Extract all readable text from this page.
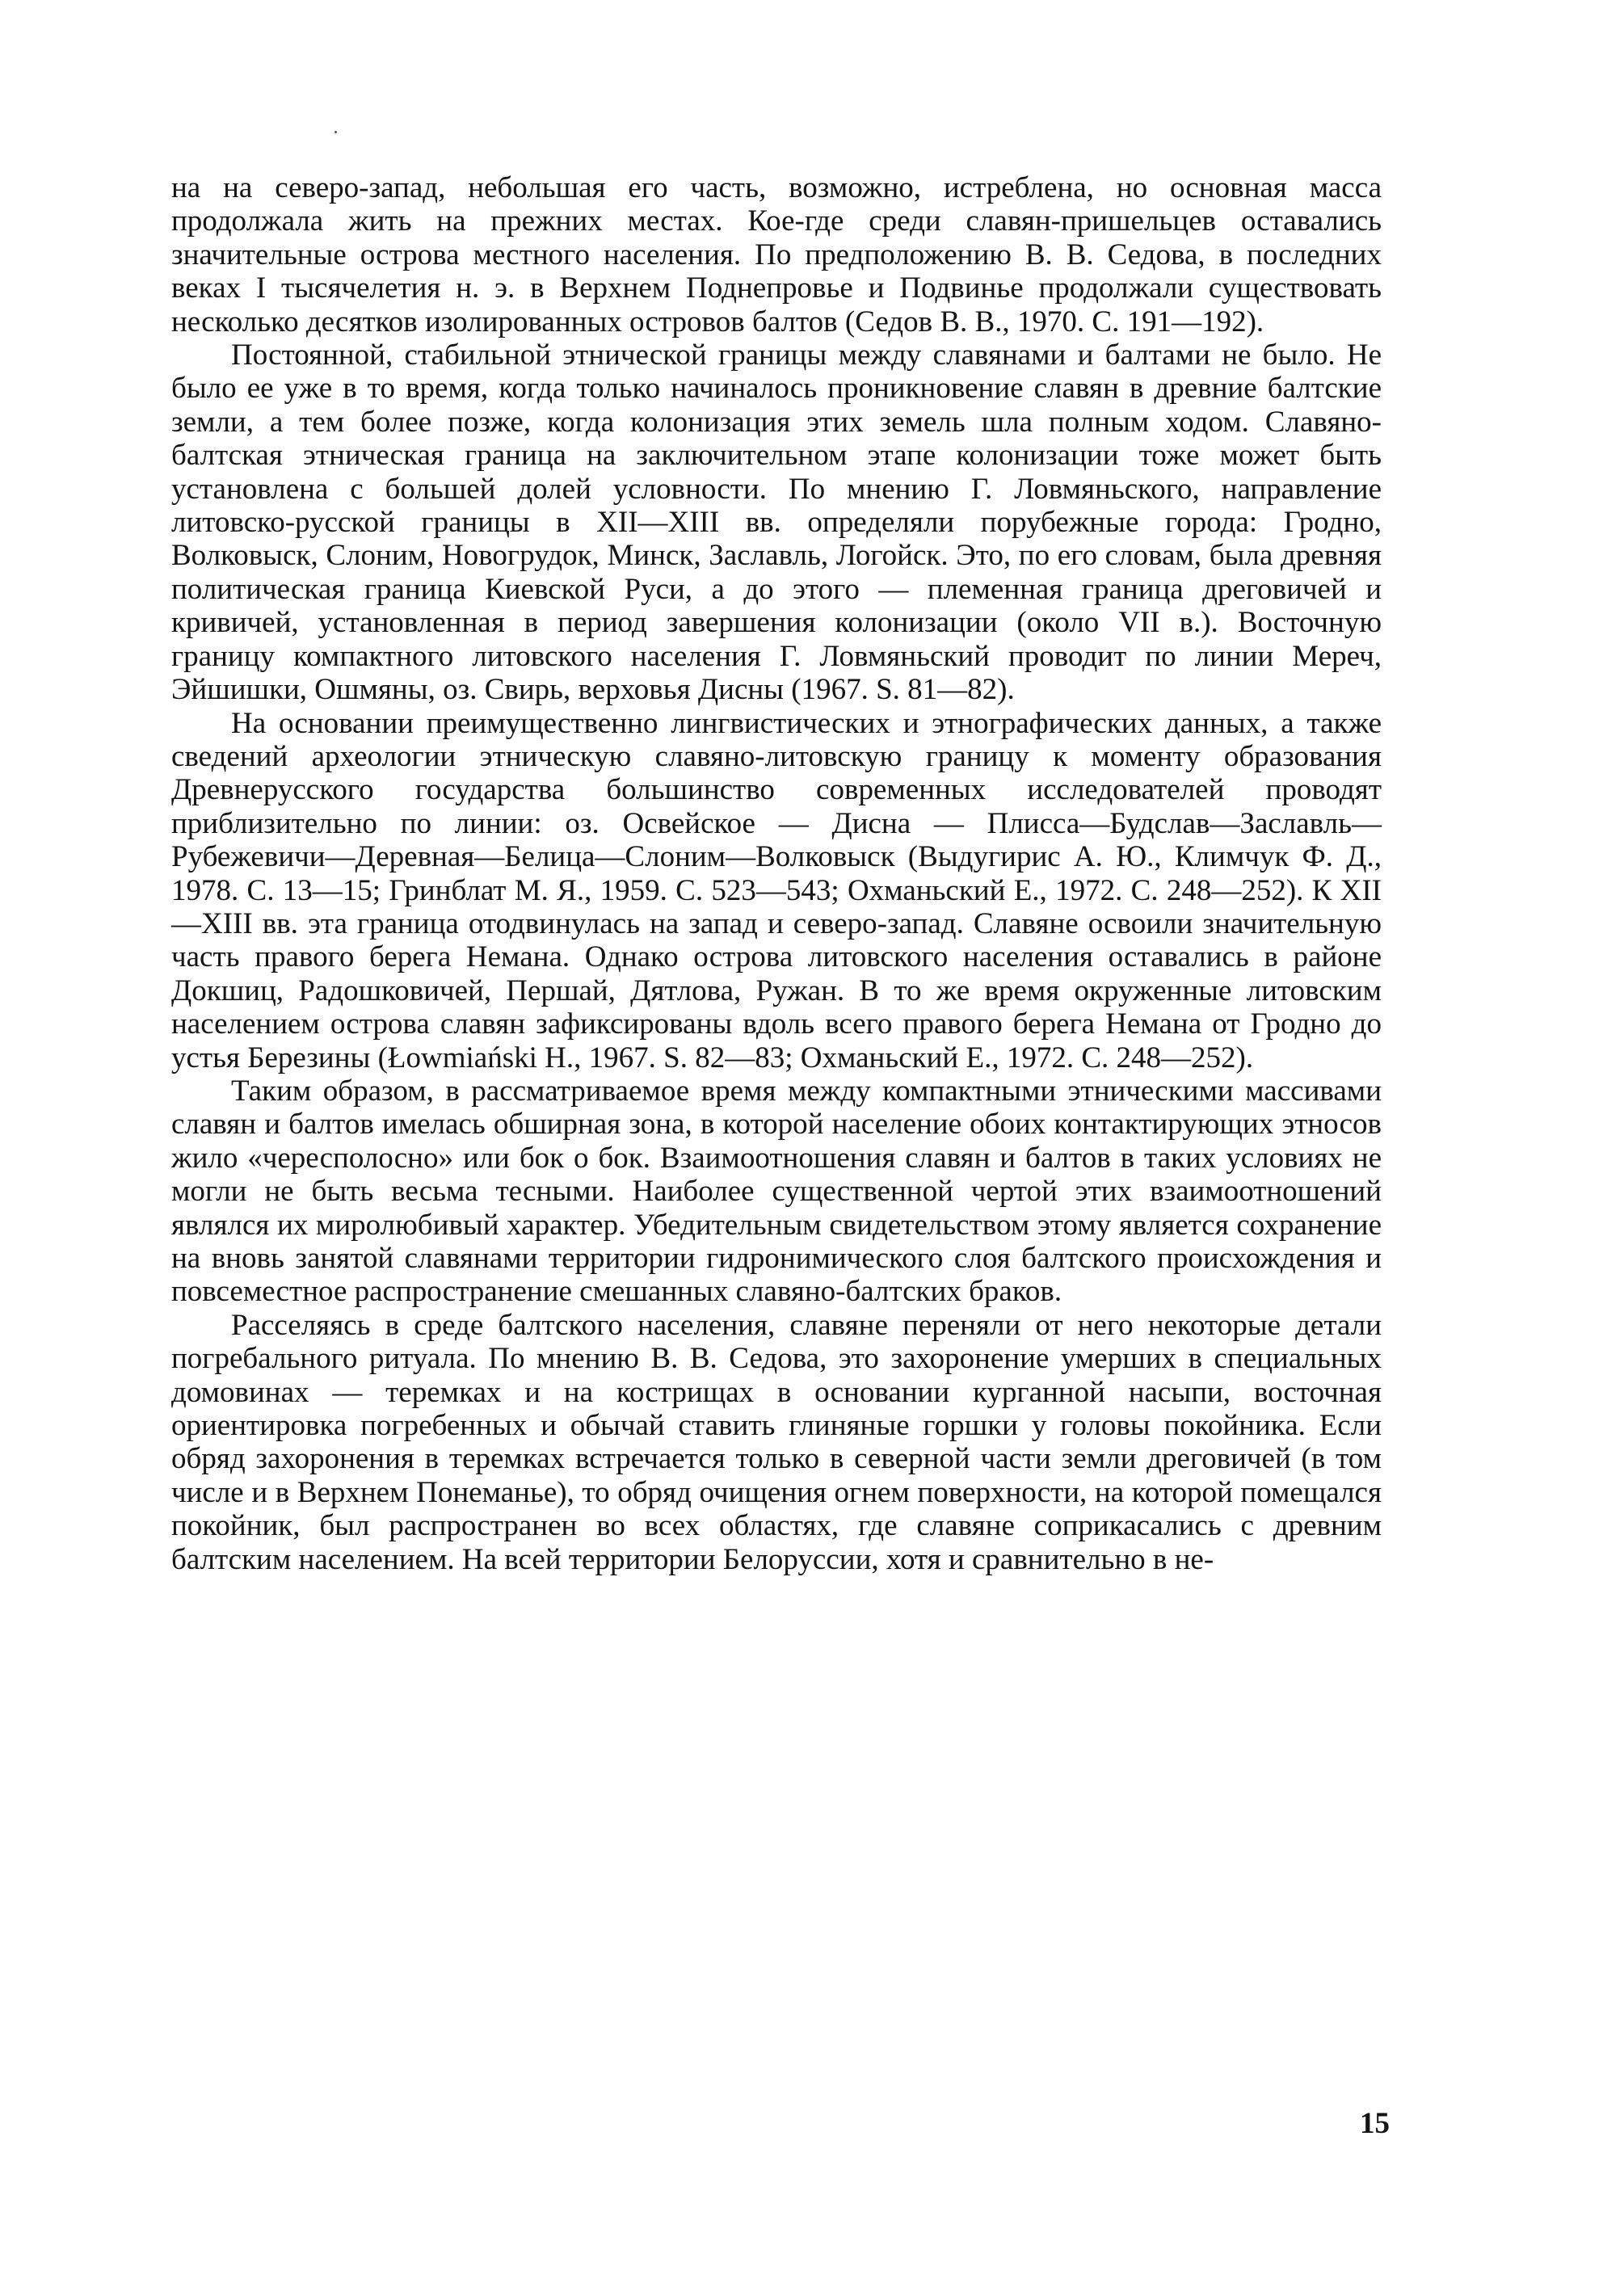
на на северо-запад, небольшая его часть, возможно, истреблена, но основная масса продолжала жить на прежних местах. Кое-где среди славян-пришельцев оставались значительные острова местного населения. По предположению В. В. Седова, в последних веках I тысячелетия н. э. в Верхнем Поднепровье и Подвинье продолжали существовать несколько десятков изолированных островов балтов (Седов В. В., 1970. С. 191—192).

Постоянной, стабильной этнической границы между славянами и балтами не было. Не было ее уже в то время, когда только начиналось проникновение славян в древние балтские земли, а тем более позже, когда колонизация этих земель шла полным ходом. Славяно-балтская этническая граница на заключительном этапе колонизации тоже может быть установлена с большей долей условности. По мнению Г. Ловмяньского, направление литовско-русской границы в XII—XIII вв. определяли порубежные города: Гродно, Волковыск, Слоним, Новогрудок, Минск, Заславль, Логойск. Это, по его словам, была древняя политическая граница Киевской Руси, а до этого — племенная граница дреговичей и кривичей, установленная в период завершения колонизации (около VII в.). Восточную границу компактного литовского населения Г. Ловмяньский проводит по линии Мереч, Эйшишки, Ошмяны, оз. Свирь, верховья Дисны (1967. S. 81—82).

На основании преимущественно лингвистических и этнографических данных, а также сведений археологии этническую славяно-литовскую границу к моменту образования Древнерусского государства большинство современных исследователей проводят приблизительно по линии: оз. Освейское — Дисна — Плисса—Будслав—Заславль—Рубежевичи—Деревная—Белица—Слоним—Волковыск (Выдугирис А. Ю., Климчук Ф. Д., 1978. С. 13—15; Гринблат М. Я., 1959. С. 523—543; Охманьский Е., 1972. С. 248—252). К XII—XIII вв. эта граница отодвинулась на запад и северо-запад. Славяне освоили значительную часть правого берега Немана. Однако острова литовского населения оставались в районе Докшиц, Радошковичей, Першай, Дятлова, Ружан. В то же время окруженные литовским населением острова славян зафиксированы вдоль всего правого берега Немана от Гродно до устья Березины (Łowmiański H., 1967. S. 82—83; Охманьский Е., 1972. С. 248—252).

Таким образом, в рассматриваемое время между компактными этническими массивами славян и балтов имелась обширная зона, в которой население обоих контактирующих этносов жило «чересполосно» или бок о бок. Взаимоотношения славян и балтов в таких условиях не могли не быть весьма тесными. Наиболее существенной чертой этих взаимоотношений являлся их миролюбивый характер. Убедительным свидетельством этому является сохранение на вновь занятой славянами территории гидронимического слоя балтского происхождения и повсеместное распространение смешанных славяно-балтских браков.

Расселяясь в среде балтского населения, славяне переняли от него некоторые детали погребального ритуала. По мнению В. В. Седова, это захоронение умерших в специальных домовинах — теремках и на кострищах в основании курганной насыпи, восточная ориентировка погребенных и обычай ставить глиняные горшки у головы покойника. Если обряд захоронения в теремках встречается только в северной части земли дреговичей (в том числе и в Верхнем Понеманье), то обряд очищения огнем поверхности, на которой помещался покойник, был распространен во всех областях, где славяне соприкасались с древним балтским населением. На всей территории Белоруссии, хотя и сравнительно в не-

15
